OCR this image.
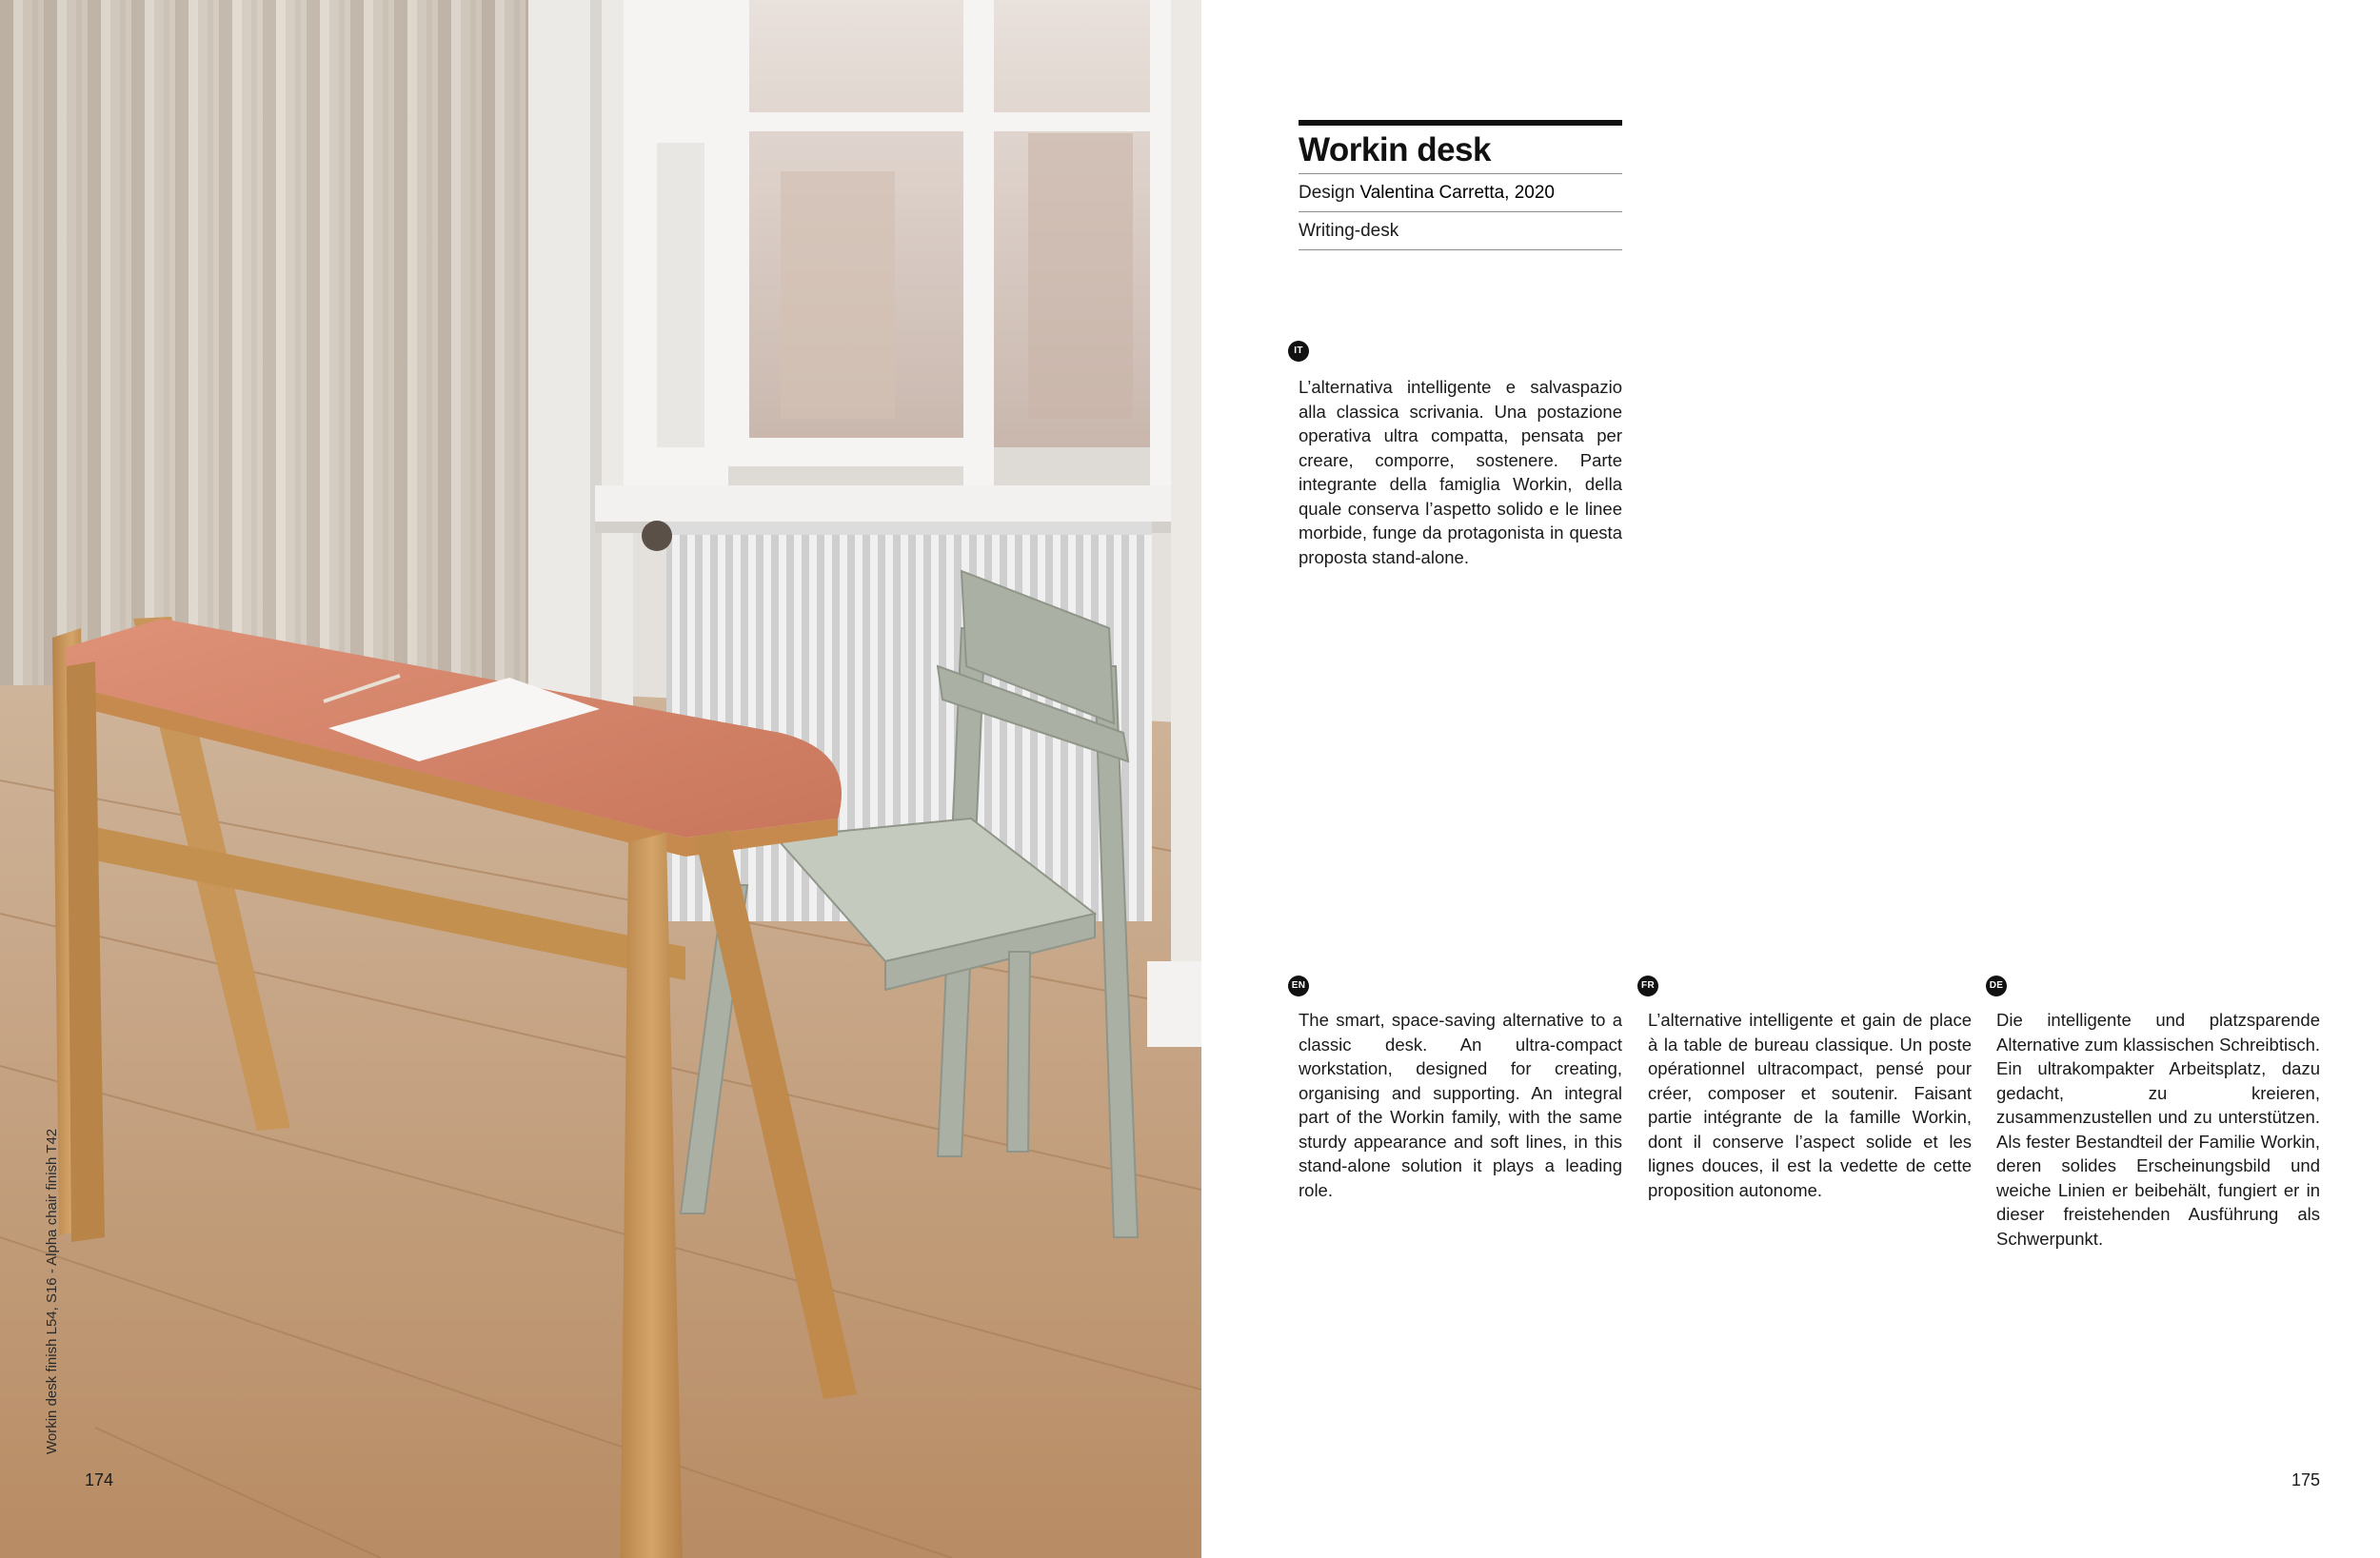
Workin desk finish L54, S16 - Alpha chair finish T42
174
Workin desk
Design Valentina Carretta, 2020
Writing-desk
IT

L’alternativa intelligente e salvaspazio alla classica scrivania. Una postazione operativa ultra compatta, pensata per creare, comporre, sostenere. Parte integrante della famiglia Workin, della quale conserva l’aspetto solido e le linee morbide, funge da protagonista in questa proposta stand-alone.

EN

The smart, space-saving alternative to a classic desk. An ultra-compact workstation, designed for creating, organising and supporting. An integral part of the Workin family, with the same sturdy appearance and soft lines, in this stand-alone solution it plays a leading role.

FR

L’alternative intelligente et gain de place à la table de bureau classique. Un poste opérationnel ultracompact, pensé pour créer, composer et soutenir. Faisant partie intégrante de la famille Workin, dont il conserve l’aspect solide et les lignes douces, il est la vedette de cette proposition autonome.

DE

Die intelligente und platzsparende Alternative zum klassischen Schreibtisch. Ein ultrakompakter Arbeitsplatz, dazu gedacht, zu kreieren, zusammenzustellen und zu unterstützen. Als fester Bestandteil der Familie Workin, deren solides Erscheinungsbild und weiche Linien er beibehält, fungiert er in dieser freistehenden Ausführung als Schwerpunkt.

175
